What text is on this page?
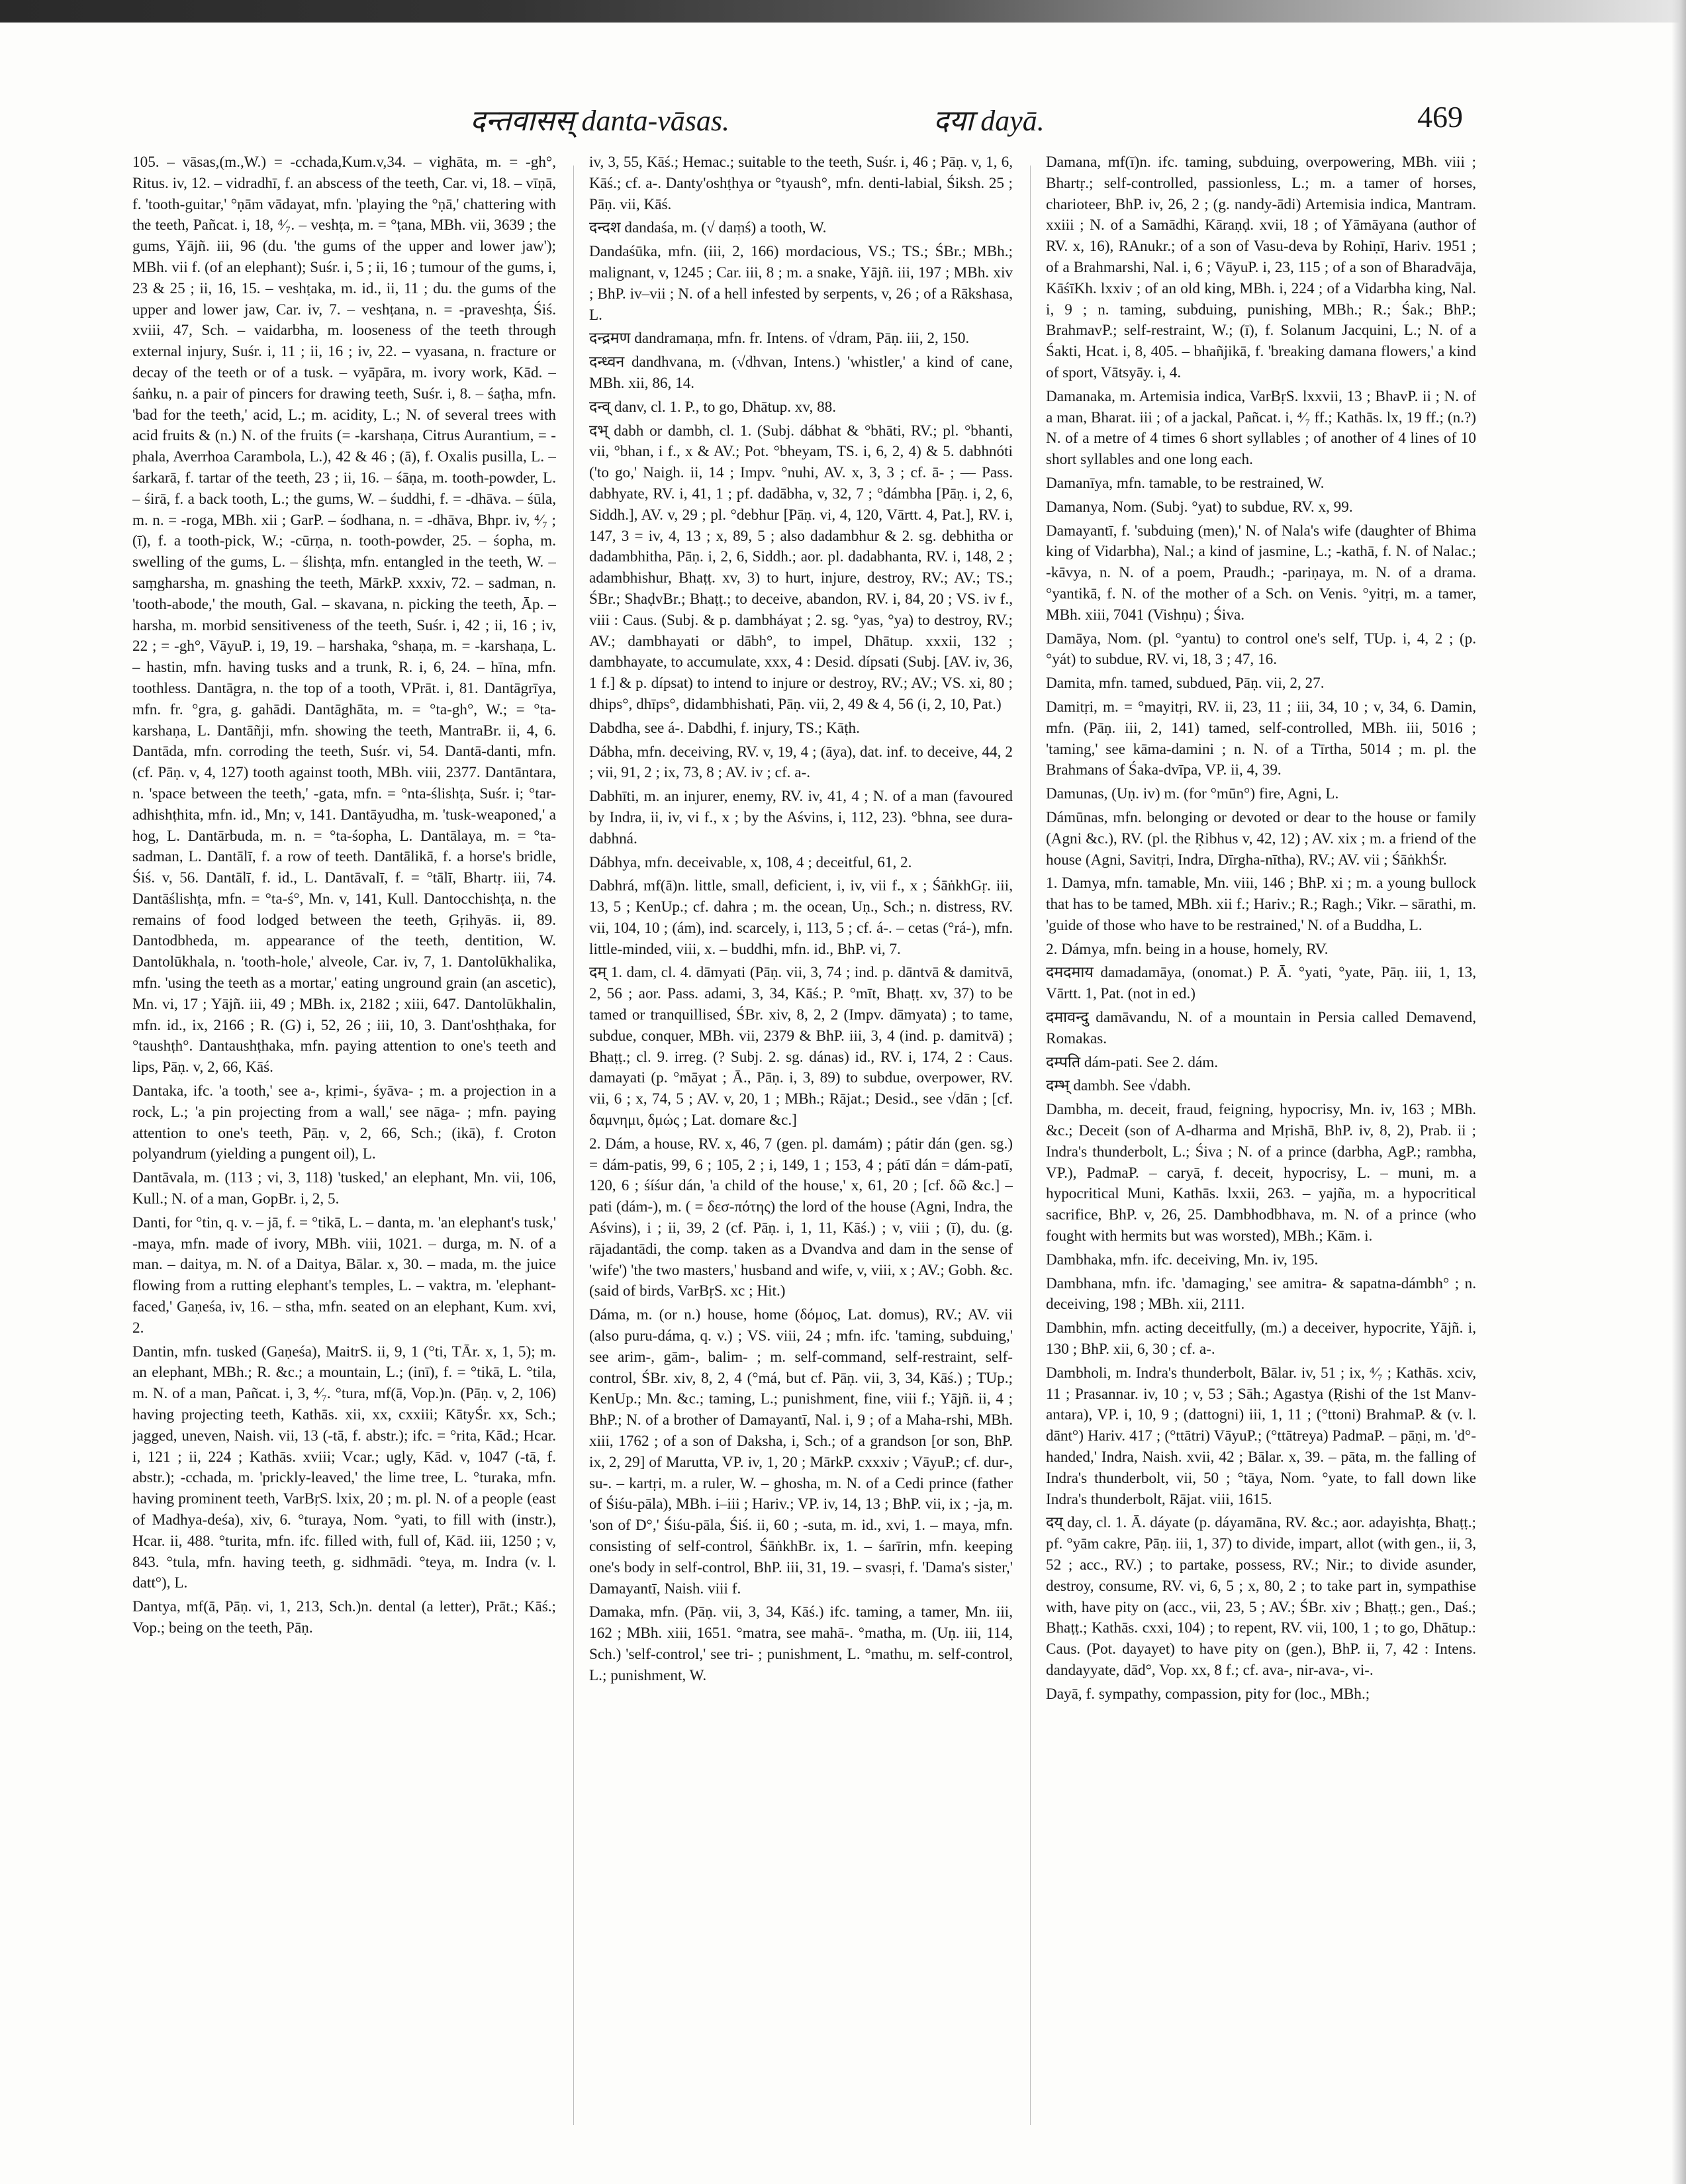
दन्तवासस् danta-vāsas.	दया dayā.	469

105. – vāsas,(m.,W.) = -cchada,Kum.v,34. – vighāta, m. = -gh°, Ritus. iv, 12. – vidradhī, f. an abscess of the teeth, Car. vi, 18. – vīṇā, f. 'tooth-guitar,' °ṇām vādayat, mfn. 'playing the °ṇā,' chattering with the teeth, Pañcat. i, 18, ⁴⁄₇. – veshṭa, m. = °ṭana, MBh. vii, 3639 ; the gums, Yājñ. iii, 96 (du. 'the gums of the upper and lower jaw'); MBh. vii f. (of an elephant); Suśr. i, 5 ; ii, 16 ; tumour of the gums, i, 23 & 25 ; ii, 16, 15. – veshṭaka, m. id., ii, 11 ; du. the gums of the upper and lower jaw, Car. iv, 7. – veshṭana, n. = -praveshṭa, Śiś. xviii, 47, Sch. – vaidarbha, m. looseness of the teeth through external injury, Suśr. i, 11 ; ii, 16 ; iv, 22. – vyasana, n. fracture or decay of the teeth or of a tusk. – vyāpāra, m. ivory work, Kād. – śaṅku, n. a pair of pincers for drawing teeth, Suśr. i, 8. – śaṭha, mfn. 'bad for the teeth,' acid, L.; m. acidity, L.; N. of several trees with acid fruits & (n.) N. of the fruits (= -karshaṇa, Citrus Aurantium, = -phala, Averrhoa Carambola, L.), 42 & 46 ; (ā), f. Oxalis pusilla, L. – śarkarā, f. tartar of the teeth, 23 ; ii, 16. – śāṇa, m. tooth-powder, L. – śirā, f. a back tooth, L.; the gums, W. – śuddhi, f. = -dhāva. – śūla, m. n. = -roga, MBh. xii ; GarP. – śodhana, n. = -dhāva, Bhpr. iv, ⁴⁄₇ ; (ī), f. a tooth-pick, W.; -cūrṇa, n. tooth-powder, 25. – śopha, m. swelling of the gums, L. – ślishṭa, mfn. entangled in the teeth, W. – saṃgharsha, m. gnashing the teeth, MārkP. xxxiv, 72. – sadman, n. 'tooth-abode,' the mouth, Gal. – skavana, n. picking the teeth, Āp. – harsha, m. morbid sensitiveness of the teeth, Suśr. i, 42 ; ii, 16 ; iv, 22 ; = -gh°, VāyuP. i, 19, 19. – harshaka, °shaṇa, m. = -karshaṇa, L. – hastin, mfn. having tusks and a trunk, R. i, 6, 24. – hīna, mfn. toothless. Dantāgra, n. the top of a tooth, VPrāt. i, 81. Dantāgrīya, mfn. fr. °gra, g. gahādi. Dantāghāta, m. = °ta-gh°, W.; = °ta-karshaṇa, L. Dantāñji, mfn. showing the teeth, MantraBr. ii, 4, 6. Dantāda, mfn. corroding the teeth, Suśr. vi, 54. Dantā-danti, mfn. (cf. Pāṇ. v, 4, 127) tooth against tooth, MBh. viii, 2377. Dantāntara, n. 'space between the teeth,' -gata, mfn. = °nta-ślishṭa, Suśr. i; °tar-adhishṭhita, mfn. id., Mn; v, 141. Dantāyudha, m. 'tusk-weaponed,' a hog, L. Dantārbuda, m. n. = °ta-śopha, L. Dantālaya, m. = °ta-sadman, L. Dantālī, f. a row of teeth. Dantālikā, f. a horse's bridle, Śiś. v, 56. Dantālī, f. id., L. Dantāvalī, f. = °tālī, Bhartṛ. iii, 74. Dantāślishṭa, mfn. = °ta-ś°, Mn. v, 141, Kull. Dantocchishṭa, n. the remains of food lodged between the teeth, Gṛihyās. ii, 89. Dantodbheda, m. appearance of the teeth, dentition, W. Dantolūkhala, n. 'tooth-hole,' alveole, Car. iv, 7, 1. Dantolūkhalika, mfn. 'using the teeth as a mortar,' eating unground grain (an ascetic), Mn. vi, 17 ; Yājñ. iii, 49 ; MBh. ix, 2182 ; xiii, 647. Dantolūkhalin, mfn. id., ix, 2166 ; R. (G) i, 52, 26 ; iii, 10, 3. Dant'oshṭhaka, for °taushṭh°. Dantaushṭhaka, mfn. paying attention to one's teeth and lips, Pāṇ. v, 2, 66, Kāś.

Dantaka, ifc. 'a tooth,' see a-, kṛimi-, śyāva- ; m. a projection in a rock, L.; 'a pin projecting from a wall,' see nāga- ; mfn. paying attention to one's teeth, Pāṇ. v, 2, 66, Sch.; (ikā), f. Croton polyandrum (yielding a pungent oil), L.

Dantāvala, m. (113 ; vi, 3, 118) 'tusked,' an elephant, Mn. vii, 106, Kull.; N. of a man, GopBr. i, 2, 5.

Danti, for °tin, q. v. – jā, f. = °tikā, L. – danta, m. 'an elephant's tusk,' -maya, mfn. made of ivory, MBh. viii, 1021. – durga, m. N. of a man. – daitya, m. N. of a Daitya, Bālar. x, 30. – mada, m. the juice flowing from a rutting elephant's temples, L. – vaktra, m. 'elephant-faced,' Gaṇeśa, iv, 16. – stha, mfn. seated on an elephant, Kum. xvi, 2.

Dantin, mfn. tusked (Gaṇeśa), MaitrS. ii, 9, 1 (°ti, TĀr. x, 1, 5); m. an elephant, MBh.; R. &c.; a mountain, L.; (inī), f. = °tikā, L. °tila, m. N. of a man, Pañcat. i, 3, ⁴⁄₇. °tura, mf(ā, Vop.)n. (Pāṇ. v, 2, 106) having projecting teeth, Kathās. xii, xx, cxxiii; KātyŚr. xx, Sch.; jagged, uneven, Naish. vii, 13 (-tā, f. abstr.); ifc. = °rita, Kād.; Hcar. i, 121 ; ii, 224 ; Kathās. xviii; Vcar.; ugly, Kād. v, 1047 (-tā, f. abstr.); -cchada, m. 'prickly-leaved,' the lime tree, L. °turaka, mfn. having prominent teeth, VarBṛS. lxix, 20 ; m. pl. N. of a people (east of Madhya-deśa), xiv, 6. °turaya, Nom. °yati, to fill with (instr.), Hcar. ii, 488. °turita, mfn. ifc. filled with, full of, Kād. iii, 1250 ; v, 843. °tula, mfn. having teeth, g. sidhmādi. °teya, m. Indra (v. l. datt°), L.

Dantya, mf(ā, Pāṇ. vi, 1, 213, Sch.)n. dental (a letter), Prāt.; Kāś.; Vop.; being on the teeth, Pāṇ.

iv, 3, 55, Kāś.; Hemac.; suitable to the teeth, Suśr. i, 46 ; Pāṇ. v, 1, 6, Kāś.; cf. a-. Danty'oshṭhya or °tyaush°, mfn. denti-labial, Śiksh. 25 ; Pāṇ. vii, Kāś.

दन्दश dandaśa, m. (√ daṃś) a tooth, W.

Dandaśūka, mfn. (iii, 2, 166) mordacious, VS.; TS.; ŚBr.; MBh.; malignant, v, 1245 ; Car. iii, 8 ; m. a snake, Yājñ. iii, 197 ; MBh. xiv ; BhP. iv–vii ; N. of a hell infested by serpents, v, 26 ; of a Rākshasa, L.

दन्द्रमण dandramaṇa, mfn. fr. Intens. of √dram, Pāṇ. iii, 2, 150.

दन्ध्वन dandhvana, m. (√dhvan, Intens.) 'whistler,' a kind of cane, MBh. xii, 86, 14.

दन्व् danv, cl. 1. P., to go, Dhātup. xv, 88.

दभ् dabh or dambh, cl. 1. (Subj. dábhat & °bhāti, RV.; pl. °bhanti, vii, °bhan, i f., x & AV.; Pot. °bheyam, TS. i, 6, 2, 4) & 5. dabhnóti ('to go,' Naigh. ii, 14 ; Impv. °nuhi, AV. x, 3, 3 ; cf. ā- ; — Pass. dabhyate, RV. i, 41, 1 ; pf. dadābha, v, 32, 7 ; °dámbha [Pāṇ. i, 2, 6, Siddh.], AV. v, 29 ; pl. °debhur [Pāṇ. vi, 4, 120, Vārtt. 4, Pat.], RV. i, 147, 3 = iv, 4, 13 ; x, 89, 5 ; also dadambhur & 2. sg. debhitha or dadambhitha, Pāṇ. i, 2, 6, Siddh.; aor. pl. dadabhanta, RV. i, 148, 2 ; adambhishur, Bhaṭṭ. xv, 3) to hurt, injure, destroy, RV.; AV.; TS.; ŚBr.; ShaḍvBr.; Bhaṭṭ.; to deceive, abandon, RV. i, 84, 20 ; VS. iv f., viii : Caus. (Subj. & p. dambháyat ; 2. sg. °yas, °ya) to destroy, RV.; AV.; dambhayati or dābh°, to impel, Dhātup. xxxii, 132 ; dambhayate, to accumulate, xxx, 4 : Desid. dípsati (Subj. [AV. iv, 36, 1 f.] & p. dípsat) to intend to injure or destroy, RV.; AV.; VS. xi, 80 ; dhips°, dhīps°, didambhishati, Pāṇ. vii, 2, 49 & 4, 56 (i, 2, 10, Pat.)

Dabdha, see á-. Dabdhi, f. injury, TS.; Kāṭh.

Dábha, mfn. deceiving, RV. v, 19, 4 ; (āya), dat. inf. to deceive, 44, 2 ; vii, 91, 2 ; ix, 73, 8 ; AV. iv ; cf. a-.

Dabhīti, m. an injurer, enemy, RV. iv, 41, 4 ; N. of a man (favoured by Indra, ii, iv, vi f., x ; by the Aśvins, i, 112, 23). °bhna, see dura-dabhná.

Dábhya, mfn. deceivable, x, 108, 4 ; deceitful, 61, 2.

Dabhrá, mf(ā)n. little, small, deficient, i, iv, vii f., x ; ŚāṅkhGṛ. iii, 13, 5 ; KenUp.; cf. dahra ; m. the ocean, Uṇ., Sch.; n. distress, RV. vii, 104, 10 ; (ám), ind. scarcely, i, 113, 5 ; cf. á-. – cetas (°rá-), mfn. little-minded, viii, x. – buddhi, mfn. id., BhP. vi, 7.

दम् 1. dam, cl. 4. dāmyati (Pāṇ. vii, 3, 74 ; ind. p. dāntvā & damitvā, 2, 56 ; aor. Pass. adami, 3, 34, Kāś.; P. °mīt, Bhaṭṭ. xv, 37) to be tamed or tranquillised, ŚBr. xiv, 8, 2, 2 (Impv. dāmyata) ; to tame, subdue, conquer, MBh. vii, 2379 & BhP. iii, 3, 4 (ind. p. damitvā) ; Bhaṭṭ.; cl. 9. irreg. (? Subj. 2. sg. dánas) id., RV. i, 174, 2 : Caus. damayati (p. °māyat ; Ā., Pāṇ. i, 3, 89) to subdue, overpower, RV. vii, 6 ; x, 74, 5 ; AV. v, 20, 1 ; MBh.; Rājat.; Desid., see √dān ; [cf. δαμνημι, δμώς ; Lat. domare &c.]

2. Dám, a house, RV. x, 46, 7 (gen. pl. damám) ; pátir dán (gen. sg.) = dám-patis, 99, 6 ; 105, 2 ; i, 149, 1 ; 153, 4 ; pátī dán = dám-patī, 120, 6 ; śíśur dán, 'a child of the house,' x, 61, 20 ; [cf. δῶ &c.] – pati (dám-), m. ( = δεσ-πότης) the lord of the house (Agni, Indra, the Aśvins), i ; ii, 39, 2 (cf. Pāṇ. i, 1, 11, Kāś.) ; v, viii ; (ī), du. (g. rājadantādi, the comp. taken as a Dvandva and dam in the sense of 'wife') 'the two masters,' husband and wife, v, viii, x ; AV.; Gobh. &c. (said of birds, VarBṛS. xc ; Hit.)

Dáma, m. (or n.) house, home (δόμος, Lat. domus), RV.; AV. vii (also puru-dáma, q. v.) ; VS. viii, 24 ; mfn. ifc. 'taming, subduing,' see arim-, gām-, balim- ; m. self-command, self-restraint, self-control, ŚBr. xiv, 8, 2, 4 (°má, but cf. Pāṇ. vii, 3, 34, Kāś.) ; TUp.; KenUp.; Mn. &c.; taming, L.; punishment, fine, viii f.; Yājñ. ii, 4 ; BhP.; N. of a brother of Damayantī, Nal. i, 9 ; of a Maha-rshi, MBh. xiii, 1762 ; of a son of Daksha, i, Sch.; of a grandson [or son, BhP. ix, 2, 29] of Marutta, VP. iv, 1, 20 ; MārkP. cxxxiv ; VāyuP.; cf. dur-, su-. – kartṛi, m. a ruler, W. – ghosha, m. N. of a Cedi prince (father of Śiśu-pāla), MBh. i–iii ; Hariv.; VP. iv, 14, 13 ; BhP. vii, ix ; -ja, m. 'son of D°,' Śiśu-pāla, Śiś. ii, 60 ; -suta, m. id., xvi, 1. – maya, mfn. consisting of self-control, ŚāṅkhBr. ix, 1. – śarīrin, mfn. keeping one's body in self-control, BhP. iii, 31, 19. – svasṛi, f. 'Dama's sister,' Damayantī, Naish. viii f.

Damaka, mfn. (Pāṇ. vii, 3, 34, Kāś.) ifc. taming, a tamer, Mn. iii, 162 ; MBh. xiii, 1651. °matra, see mahā-. °matha, m. (Uṇ. iii, 114, Sch.) 'self-control,' see tri- ; punishment, L. °mathu, m. self-control, L.; punishment, W.

Damana, mf(ī)n. ifc. taming, subduing, overpowering, MBh. viii ; Bhartṛ.; self-controlled, passionless, L.; m. a tamer of horses, charioteer, BhP. iv, 26, 2 ; (g. nandy-ādi) Artemisia indica, Mantram. xxiii ; N. of a Samādhi, Kāraṇḍ. xvii, 18 ; of Yāmāyana (author of RV. x, 16), RAnukr.; of a son of Vasu-deva by Rohiṇī, Hariv. 1951 ; of a Brahmarshi, Nal. i, 6 ; VāyuP. i, 23, 115 ; of a son of Bharadvāja, KāśīKh. lxxiv ; of an old king, MBh. i, 224 ; of a Vidarbha king, Nal. i, 9 ; n. taming, subduing, punishing, MBh.; R.; Śak.; BhP.; BrahmavP.; self-restraint, W.; (ī), f. Solanum Jacquini, L.; N. of a Śakti, Hcat. i, 8, 405. – bhañjikā, f. 'breaking damana flowers,' a kind of sport, Vātsyāy. i, 4.

Damanaka, m. Artemisia indica, VarBṛS. lxxvii, 13 ; BhavP. ii ; N. of a man, Bharat. iii ; of a jackal, Pañcat. i, ⁴⁄₇ ff.; Kathās. lx, 19 ff.; (n.?) N. of a metre of 4 times 6 short syllables ; of another of 4 lines of 10 short syllables and one long each.

Damanīya, mfn. tamable, to be restrained, W.

Damanya, Nom. (Subj. °yat) to subdue, RV. x, 99.

Damayantī, f. 'subduing (men),' N. of Nala's wife (daughter of Bhima king of Vidarbha), Nal.; a kind of jasmine, L.; -kathā, f. N. of Nalac.; -kāvya, n. N. of a poem, Praudh.; -pariṇaya, m. N. of a drama. °yantikā, f. N. of the mother of a Sch. on Venis. °yitṛi, m. a tamer, MBh. xiii, 7041 (Vishṇu) ; Śiva.

Damāya, Nom. (pl. °yantu) to control one's self, TUp. i, 4, 2 ; (p. °yát) to subdue, RV. vi, 18, 3 ; 47, 16.

Damita, mfn. tamed, subdued, Pāṇ. vii, 2, 27.

Damitṛi, m. = °mayitṛi, RV. ii, 23, 11 ; iii, 34, 10 ; v, 34, 6. Damin, mfn. (Pāṇ. iii, 2, 141) tamed, self-controlled, MBh. iii, 5016 ; 'taming,' see kāma-damini ; n. N. of a Tīrtha, 5014 ; m. pl. the Brahmans of Śaka-dvīpa, VP. ii, 4, 39.

Damunas, (Uṇ. iv) m. (for °mūn°) fire, Agni, L.

Dámūnas, mfn. belonging or devoted or dear to the house or family (Agni &c.), RV. (pl. the Ṛibhus v, 42, 12) ; AV. xix ; m. a friend of the house (Agni, Savitṛi, Indra, Dīrgha-nītha), RV.; AV. vii ; ŚāṅkhŚr.

1. Damya, mfn. tamable, Mn. viii, 146 ; BhP. xi ; m. a young bullock that has to be tamed, MBh. xii f.; Hariv.; R.; Ragh.; Vikr. – sārathi, m. 'guide of those who have to be restrained,' N. of a Buddha, L.

2. Dámya, mfn. being in a house, homely, RV.

दमदमाय damadamāya, (onomat.) P. Ā. °yati, °yate, Pāṇ. iii, 1, 13, Vārtt. 1, Pat. (not in ed.)

दमावन्दु damāvandu, N. of a mountain in Persia called Demavend, Romakas.

दम्पति dám-pati. See 2. dám.

दम्भ् dambh. See √dabh.

Dambha, m. deceit, fraud, feigning, hypocrisy, Mn. iv, 163 ; MBh. &c.; Deceit (son of A-dharma and Mṛishā, BhP. iv, 8, 2), Prab. ii ; Indra's thunderbolt, L.; Śiva ; N. of a prince (darbha, AgP.; rambha, VP.), PadmaP. – caryā, f. deceit, hypocrisy, L. – muni, m. a hypocritical Muni, Kathās. lxxii, 263. – yajña, m. a hypocritical sacrifice, BhP. v, 26, 25. Dambhodbhava, m. N. of a prince (who fought with hermits but was worsted), MBh.; Kām. i.

Dambhaka, mfn. ifc. deceiving, Mn. iv, 195.

Dambhana, mfn. ifc. 'damaging,' see amitra- & sapatna-dámbh° ; n. deceiving, 198 ; MBh. xii, 2111.

Dambhin, mfn. acting deceitfully, (m.) a deceiver, hypocrite, Yājñ. i, 130 ; BhP. xii, 6, 30 ; cf. a-.

Dambholi, m. Indra's thunderbolt, Bālar. iv, 51 ; ix, ⁴⁄₇ ; Kathās. xciv, 11 ; Prasannar. iv, 10 ; v, 53 ; Sāh.; Agastya (Ṛishi of the 1st Manv-antara), VP. i, 10, 9 ; (dattogni) iii, 1, 11 ; (°ttoni) BrahmaP. & (v. l. dānt°) Hariv. 417 ; (°ttātri) VāyuP.; (°ttātreya) PadmaP. – pāṇi, m. 'd°-handed,' Indra, Naish. xvii, 42 ; Bālar. x, 39. – pāta, m. the falling of Indra's thunderbolt, vii, 50 ; °tāya, Nom. °yate, to fall down like Indra's thunderbolt, Rājat. viii, 1615.

दय् day, cl. 1. Ā. dáyate (p. dáyamāna, RV. &c.; aor. adayishṭa, Bhaṭṭ.; pf. °yām cakre, Pāṇ. iii, 1, 37) to divide, impart, allot (with gen., ii, 3, 52 ; acc., RV.) ; to partake, possess, RV.; Nir.; to divide asunder, destroy, consume, RV. vi, 6, 5 ; x, 80, 2 ; to take part in, sympathise with, have pity on (acc., vii, 23, 5 ; AV.; ŚBr. xiv ; Bhaṭṭ.; gen., Daś.; Bhaṭṭ.; Kathās. cxxi, 104) ; to repent, RV. vii, 100, 1 ; to go, Dhātup.: Caus. (Pot. dayayet) to have pity on (gen.), BhP. ii, 7, 42 : Intens. dandayyate, dād°, Vop. xx, 8 f.; cf. ava-, nir-ava-, vi-.

Dayā, f. sympathy, compassion, pity for (loc., MBh.;
